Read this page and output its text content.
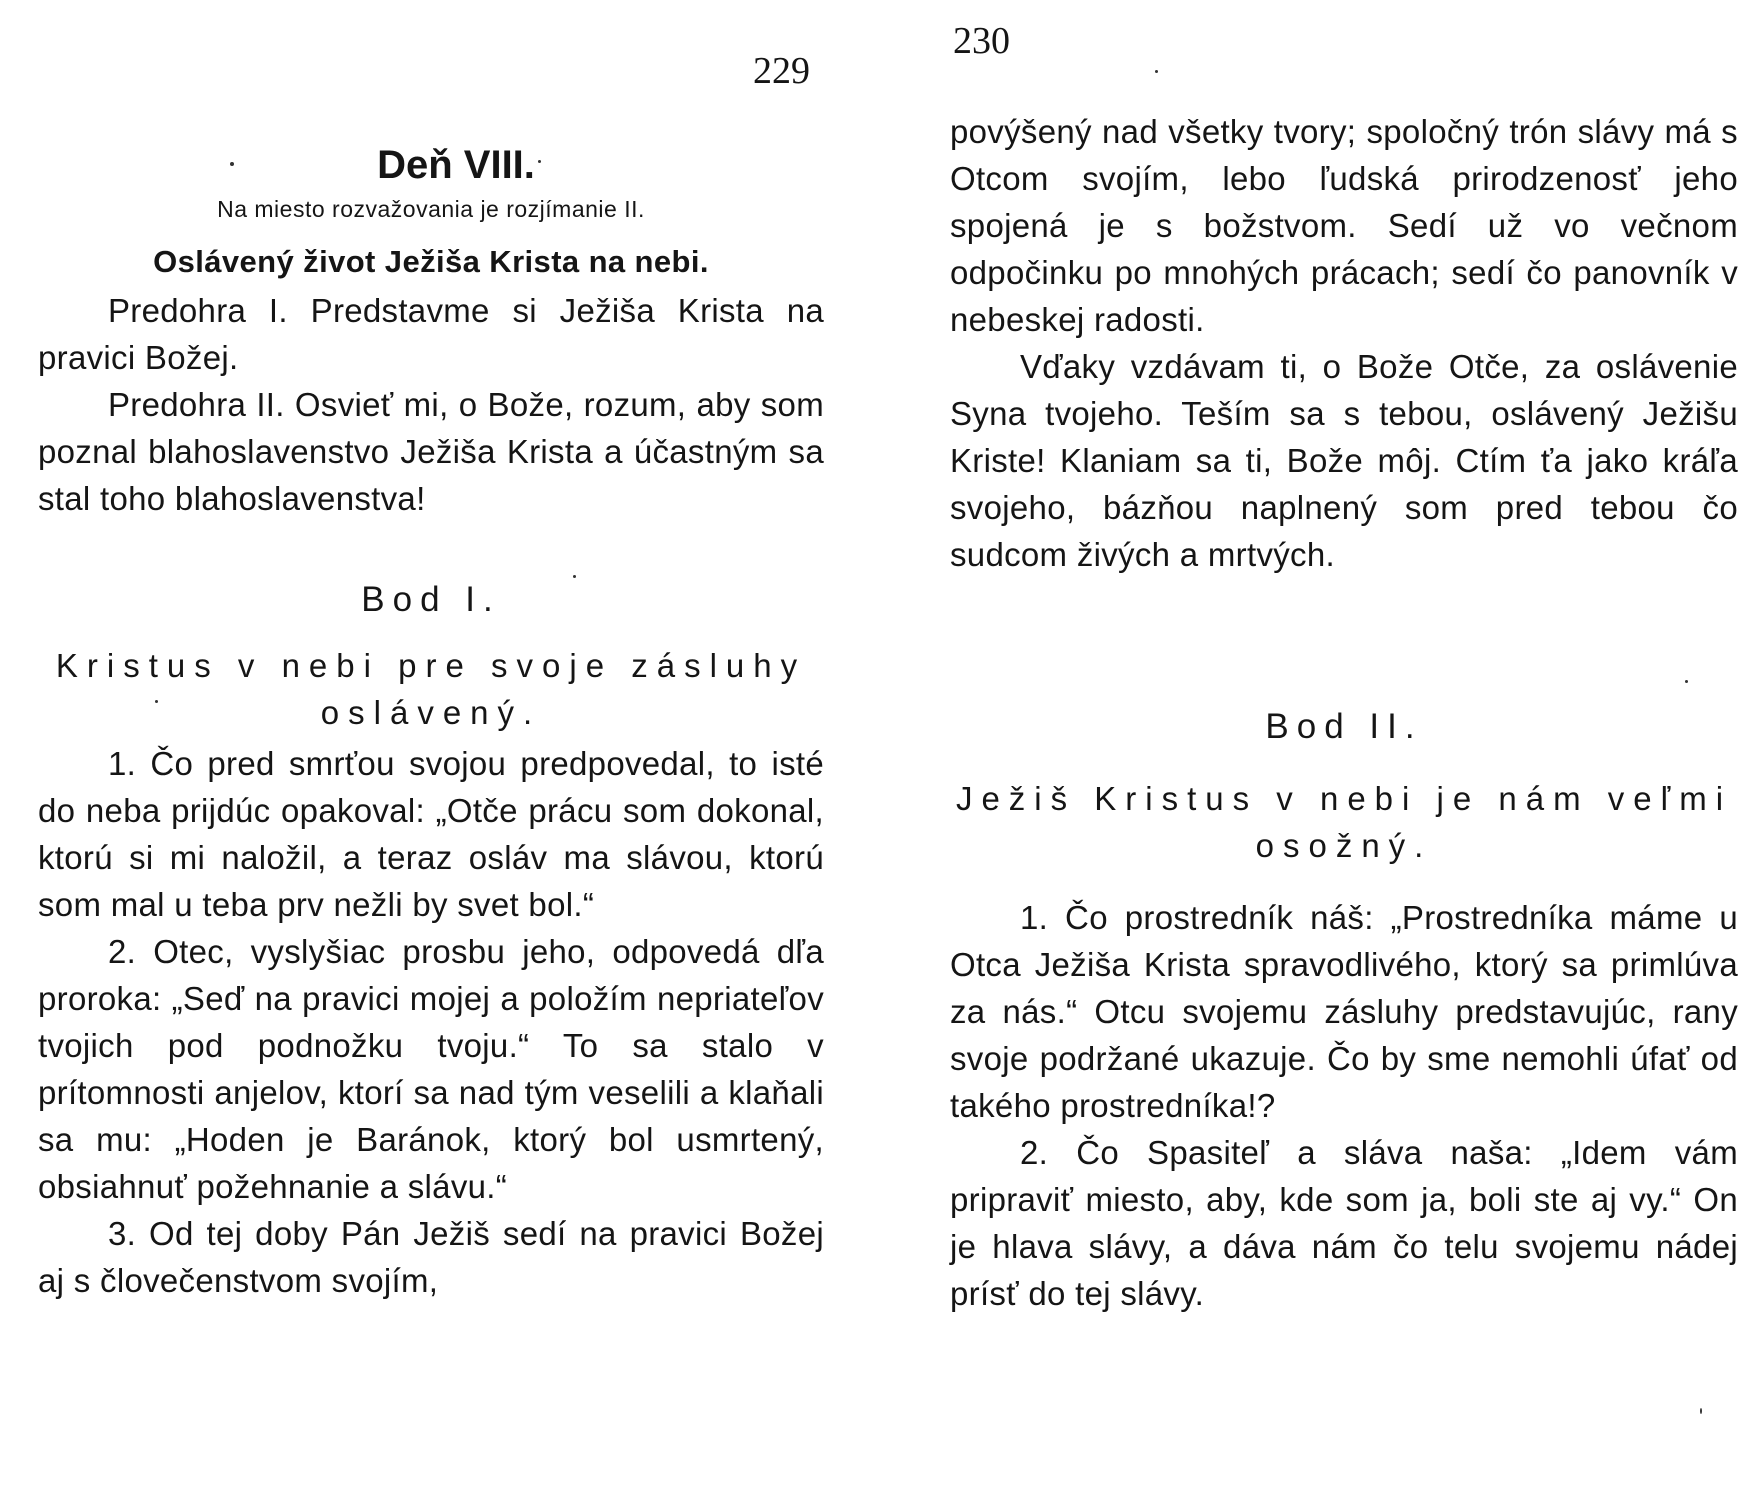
229
Deň VIII.
Na miesto rozvažovania je rozjímanie II.
Oslávený život Ježiša Krista na nebi.

Predohra I. Predstavme si Ježiša Krista na pravici Božej.

Predohra II. Osvieť mi, o Bože, rozum, aby som poznal blahoslavenstvo Ježiša Krista a účastným sa stal toho blahoslavenstva!

Bod I.
Kristus v nebi pre svoje zásluhy oslávený.

1. Čo pred smrťou svojou predpovedal, to isté do neba prijdúc opakoval: „Otče prácu som dokonal, ktorú si mi naložil, a teraz osláv ma slávou, ktorú som mal u teba prv nežli by svet bol.“

2. Otec, vyslyšiac prosbu jeho, odpovedá dľa proroka: „Seď na pravici mojej a položím nepriateľov tvojich pod podnožku tvoju.“ To sa stalo v prítomnosti anjelov, ktorí sa nad tým veselili a klaňali sa mu: „Hoden je Baránok, ktorý bol usmrtený, obsiahnuť požehnanie a slávu.“

3. Od tej doby Pán Ježiš sedí na pravici Božej aj s človečenstvom svojím,

230

povýšený nad všetky tvory; spoločný trón slávy má s Otcom svojím, lebo ľudská prirodzenosť jeho spojená je s božstvom. Sedí už vo večnom odpočinku po mnohých prácach; sedí čo panovník v nebeskej radosti.

Vďaky vzdávam ti, o Bože Otče, za oslávenie Syna tvojeho. Teším sa s tebou, oslávený Ježišu Kriste! Klaniam sa ti, Bože môj. Ctím ťa jako kráľa svojeho, bázňou naplnený som pred tebou čo sudcom živých a mrtvých.

Bod II.
Ježiš Kristus v nebi je nám veľmi osožný.

1. Čo prostredník náš: „Prostredníka máme u Otca Ježiša Krista spravodlivého, ktorý sa primlúva za nás.“ Otcu svojemu zásluhy predstavujúc, rany svoje podržané ukazuje. Čo by sme nemohli úfať od takého prostredníka!?

2. Čo Spasiteľ a sláva naša: „Idem vám pripraviť miesto, aby, kde som ja, boli ste aj vy.“ On je hlava slávy, a dáva nám čo telu svojemu nádej prísť do tej slávy.
